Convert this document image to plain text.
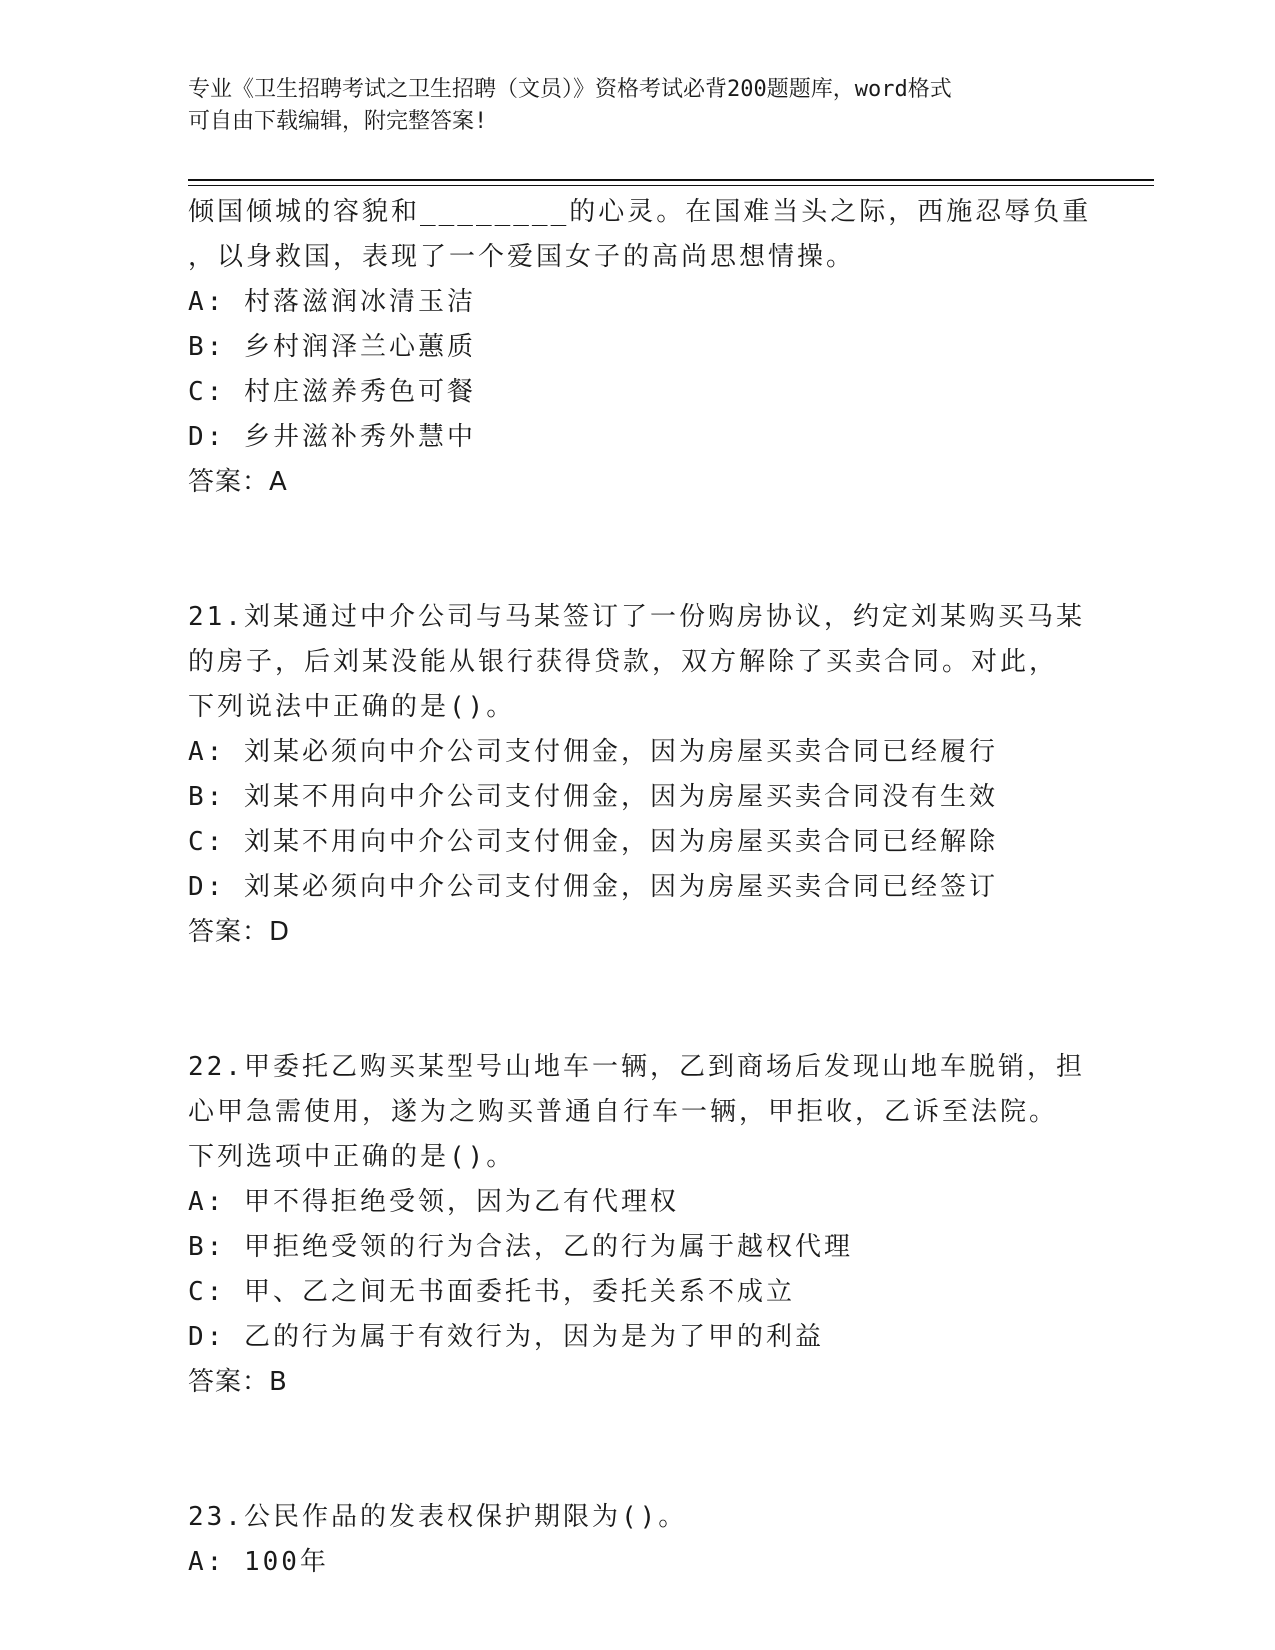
专业《卫生招聘考试之卫生招聘（文员）》资格考试必背200题题库，word格式
可自由下载编辑，附完整答案!
倾国倾城的容貌和________的心灵。在国难当头之际，西施忍辱负重
，以身救国，表现了一个爱国女子的高尚思想情操。
A: 村落滋润冰清玉洁
B: 乡村润泽兰心蕙质
C: 村庄滋养秀色可餐
D: 乡井滋补秀外慧中
答案：A
21.刘某通过中介公司与马某签订了一份购房协议，约定刘某购买马某
的房子，后刘某没能从银行获得贷款，双方解除了买卖合同。对此，
下列说法中正确的是()。
A: 刘某必须向中介公司支付佣金，因为房屋买卖合同已经履行
B: 刘某不用向中介公司支付佣金，因为房屋买卖合同没有生效
C: 刘某不用向中介公司支付佣金，因为房屋买卖合同已经解除
D: 刘某必须向中介公司支付佣金，因为房屋买卖合同已经签订
答案：D
22.甲委托乙购买某型号山地车一辆，乙到商场后发现山地车脱销，担
心甲急需使用，遂为之购买普通自行车一辆，甲拒收，乙诉至法院。
下列选项中正确的是()。
A: 甲不得拒绝受领，因为乙有代理权
B: 甲拒绝受领的行为合法，乙的行为属于越权代理
C: 甲、乙之间无书面委托书，委托关系不成立
D: 乙的行为属于有效行为，因为是为了甲的利益
答案：B
23.公民作品的发表权保护期限为()。
A: 100年
